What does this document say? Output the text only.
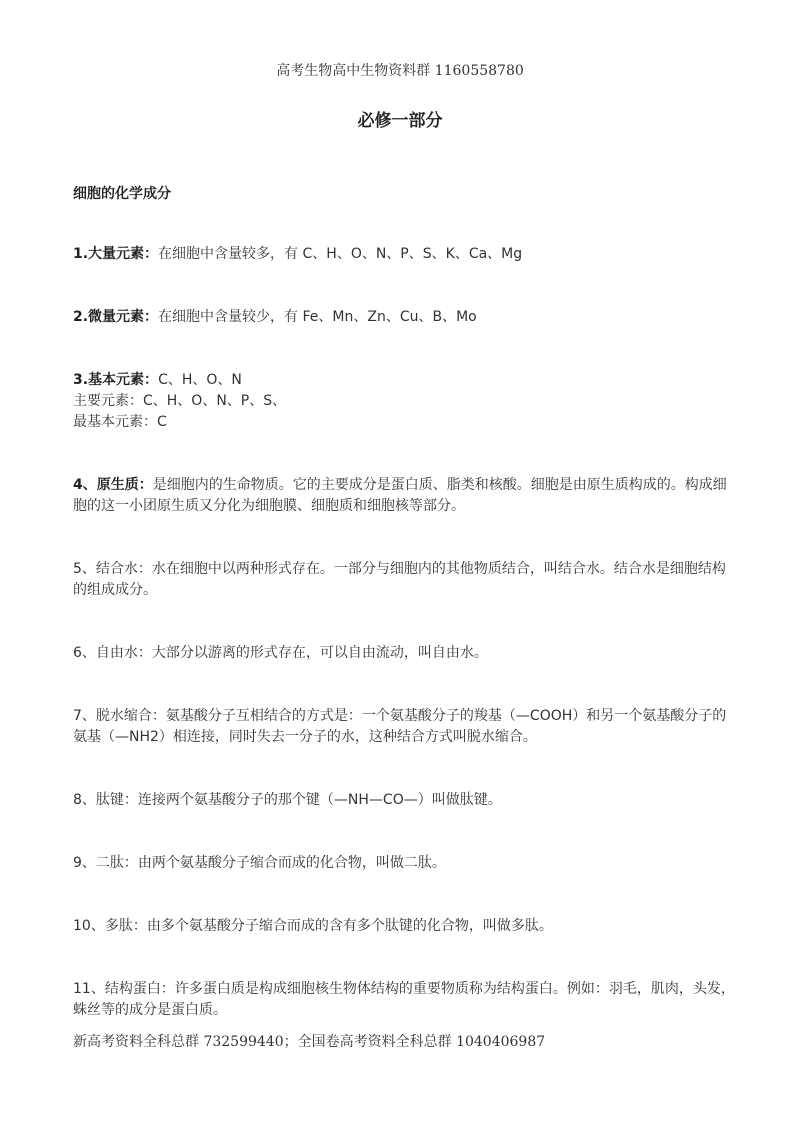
高考生物高中生物资料群 1160558780
必修一部分
细胞的化学成分
1.大量元素：在细胞中含量较多，有 C、H、O、N、P、S、K、Ca、Mg
2.微量元素：在细胞中含量较少，有 Fe、Mn、Zn、Cu、B、Mo
3.基本元素：C、H、O、N
主要元素：C、H、O、N、P、S、
最基本元素：C
4、原生质：是细胞内的生命物质。它的主要成分是蛋白质、脂类和核酸。细胞是由原生质构成的。构成细胞的这一小团原生质又分化为细胞膜、细胞质和细胞核等部分。
5、结合水：水在细胞中以两种形式存在。一部分与细胞内的其他物质结合，叫结合水。结合水是细胞结构的组成成分。
6、自由水：大部分以游离的形式存在，可以自由流动，叫自由水。
7、脱水缩合：氨基酸分子互相结合的方式是：一个氨基酸分子的羧基（—COOH）和另一个氨基酸分子的氨基（—NH2）相连接，同时失去一分子的水，这种结合方式叫脱水缩合。
8、肽键：连接两个氨基酸分子的那个键（—NH—CO—）叫做肽键。
9、二肽：由两个氨基酸分子缩合而成的化合物，叫做二肽。
10、多肽：由多个氨基酸分子缩合而成的含有多个肽键的化合物，叫做多肽。
11、结构蛋白：许多蛋白质是构成细胞核生物体结构的重要物质称为结构蛋白。例如：羽毛，肌肉，头发，蛛丝等的成分是蛋白质。
新高考资料全科总群 732599440；全国卷高考资料全科总群 1040406987
